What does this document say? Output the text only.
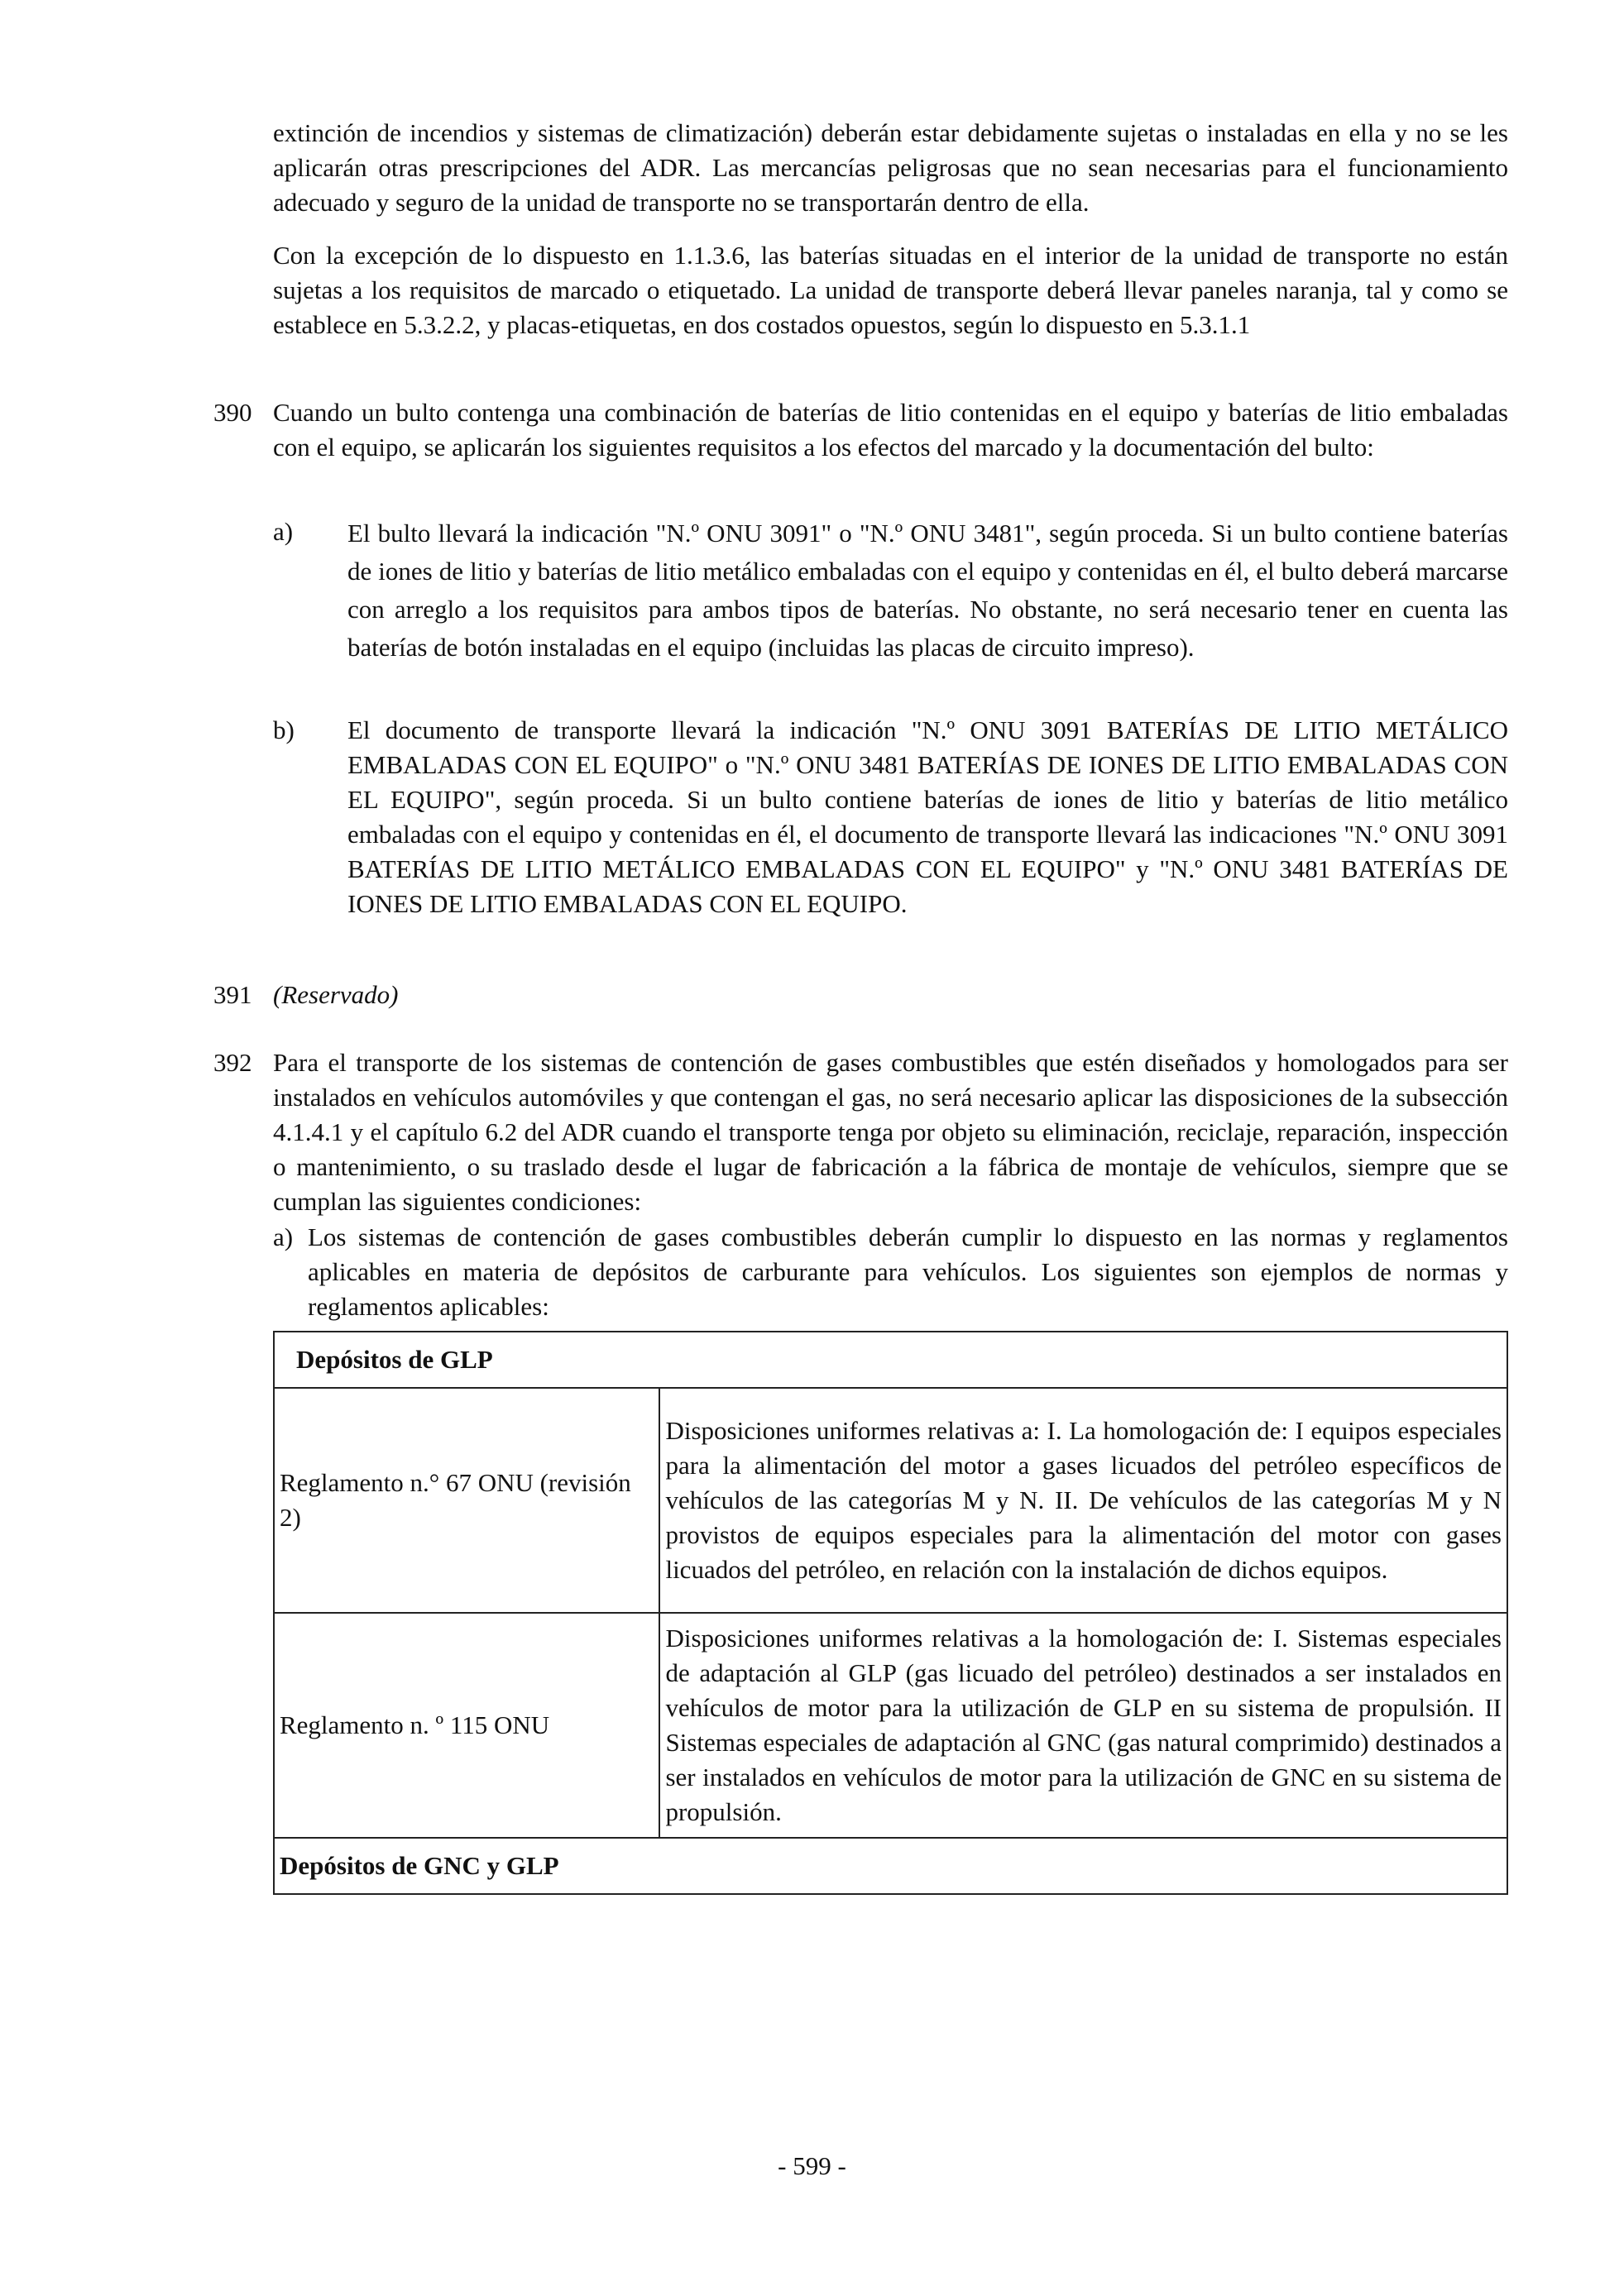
extinción de incendios y sistemas de climatización) deberán estar debidamente sujetas o instaladas en ella y no se les aplicarán otras prescripciones del ADR. Las mercancías peligrosas que no sean necesarias para el funcionamiento adecuado y seguro de la unidad de transporte no se transportarán dentro de ella.

Con la excepción de lo dispuesto en 1.1.3.6, las baterías situadas en el interior de la unidad de transporte no están sujetas a los requisitos de marcado o etiquetado. La unidad de transporte deberá llevar paneles naranja, tal y como se establece en 5.3.2.2, y placas-etiquetas, en dos costados opuestos, según lo dispuesto en 5.3.1.1

390 Cuando un bulto contenga una combinación de baterías de litio contenidas en el equipo y baterías de litio embaladas con el equipo, se aplicarán los siguientes requisitos a los efectos del marcado y la documentación del bulto:

a) El bulto llevará la indicación "N.º ONU 3091" o "N.º ONU 3481", según proceda. Si un bulto contiene baterías de iones de litio y baterías de litio metálico embaladas con el equipo y contenidas en él, el bulto deberá marcarse con arreglo a los requisitos para ambos tipos de baterías. No obstante, no será necesario tener en cuenta las baterías de botón instaladas en el equipo (incluidas las placas de circuito impreso).

b) El documento de transporte llevará la indicación "N.º ONU 3091 BATERÍAS DE LITIO METÁLICO EMBALADAS CON EL EQUIPO" o "N.º ONU 3481 BATERÍAS DE IONES DE LITIO EMBALADAS CON EL EQUIPO", según proceda. Si un bulto contiene baterías de iones de litio y baterías de litio metálico embaladas con el equipo y contenidas en él, el documento de transporte llevará las indicaciones "N.º ONU 3091 BATERÍAS DE LITIO METÁLICO EMBALADAS CON EL EQUIPO" y "N.º ONU 3481 BATERÍAS DE IONES DE LITIO EMBALADAS CON EL EQUIPO.

391 (Reservado)

392 Para el transporte de los sistemas de contención de gases combustibles que estén diseñados y homologados para ser instalados en vehículos automóviles y que contengan el gas, no será necesario aplicar las disposiciones de la subsección 4.1.4.1 y el capítulo 6.2 del ADR cuando el transporte tenga por objeto su eliminación, reciclaje, reparación, inspección o mantenimiento, o su traslado desde el lugar de fabricación a la fábrica de montaje de vehículos, siempre que se cumplan las siguientes condiciones:

a) Los sistemas de contención de gases combustibles deberán cumplir lo dispuesto en las normas y reglamentos aplicables en materia de depósitos de carburante para vehículos. Los siguientes son ejemplos de normas y reglamentos aplicables:

Depósitos de GLP	
Reglamento n.° 67 ONU (revisión 2)	Disposiciones uniformes relativas a: I. La homologación de: I equipos especiales para la alimentación del motor a gases licuados del petróleo específicos de vehículos de las categorías M y N. II. De vehículos de las categorías M y N provistos de equipos especiales para la alimentación del motor con gases licuados del petróleo, en relación con la instalación de dichos equipos.
Reglamento n. º 115 ONU	Disposiciones uniformes relativas a la homologación de: I. Sistemas especiales de adaptación al GLP (gas licuado del petróleo) destinados a ser instalados en vehículos de motor para la utilización de GLP en su sistema de propulsión. II Sistemas especiales de adaptación al GNC (gas natural comprimido) destinados a ser instalados en vehículos de motor para la utilización de GNC en su sistema de propulsión.
Depósitos de GNC y GLP	
- 599 -
